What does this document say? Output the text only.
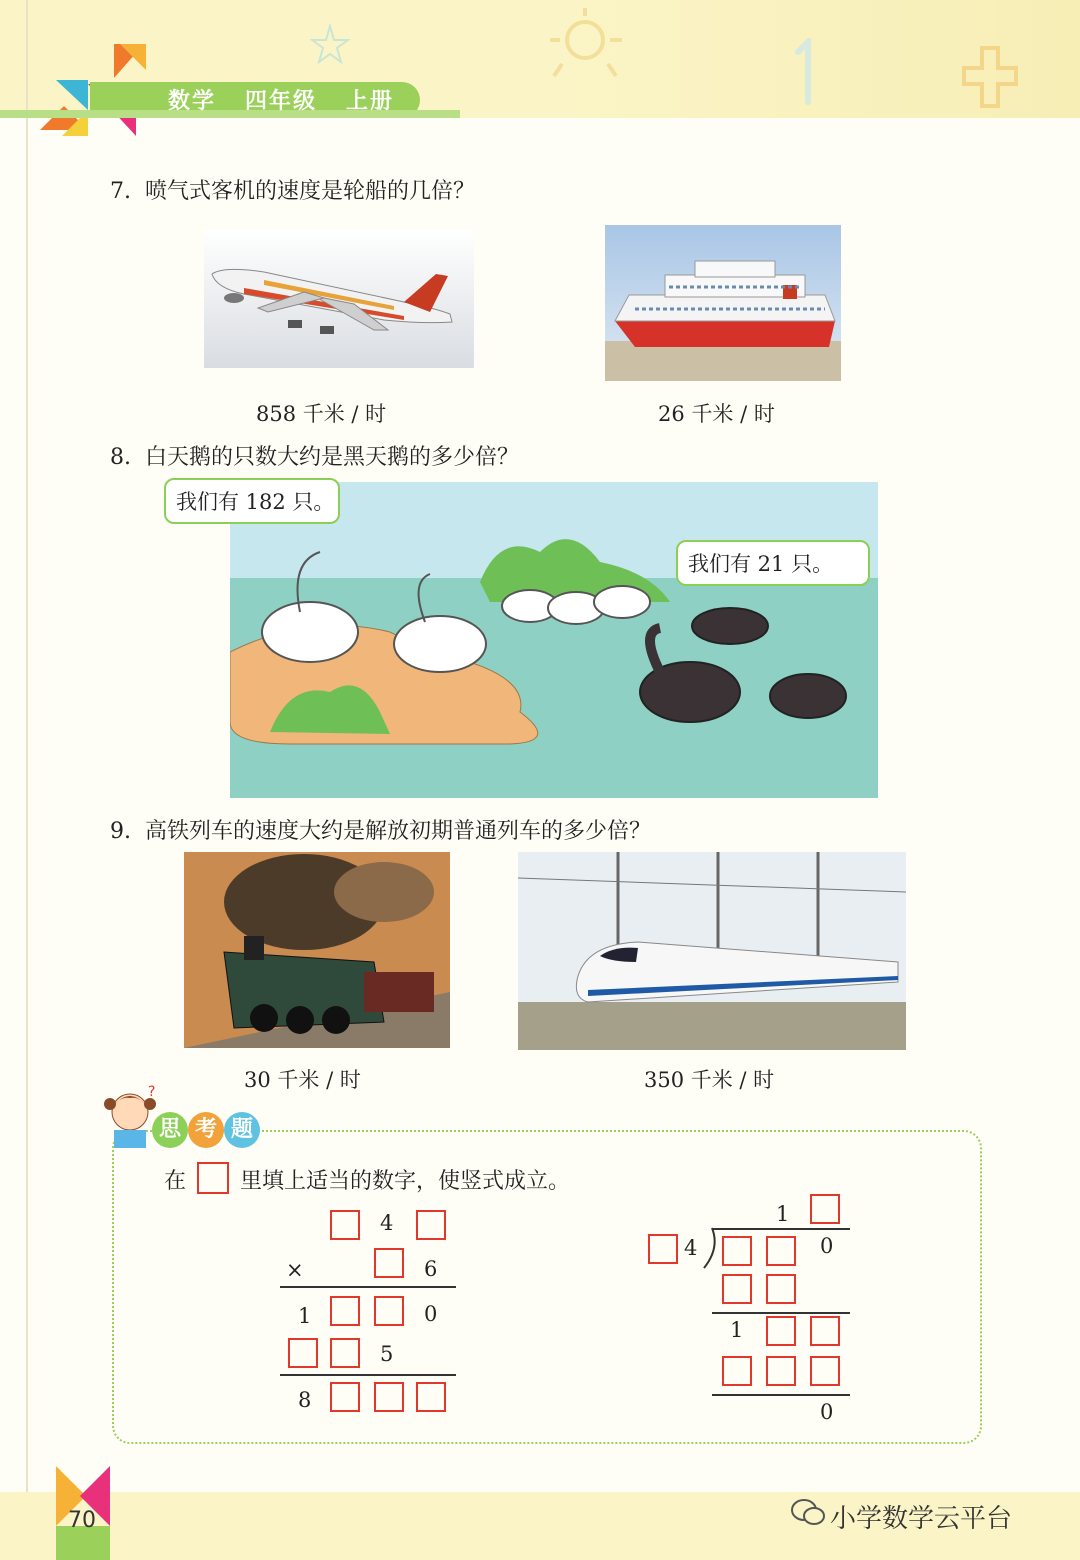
数学   四年级   上册
7. 喷气式客机的速度是轮船的几倍？
858 千米 / 时	26 千米 / 时
8. 白天鹅的只数大约是黑天鹅的多少倍？
我们有 182 只。
我们有 21 只。
9. 高铁列车的速度大约是解放初期普通列车的多少倍？
30 千米 / 时	350 千米 / 时
?
思 考 题
在 里填上适当的数字，使竖式成立。
4
×	6
1	0
5
8
1
4	0
1
0
70	小学数学云平台
